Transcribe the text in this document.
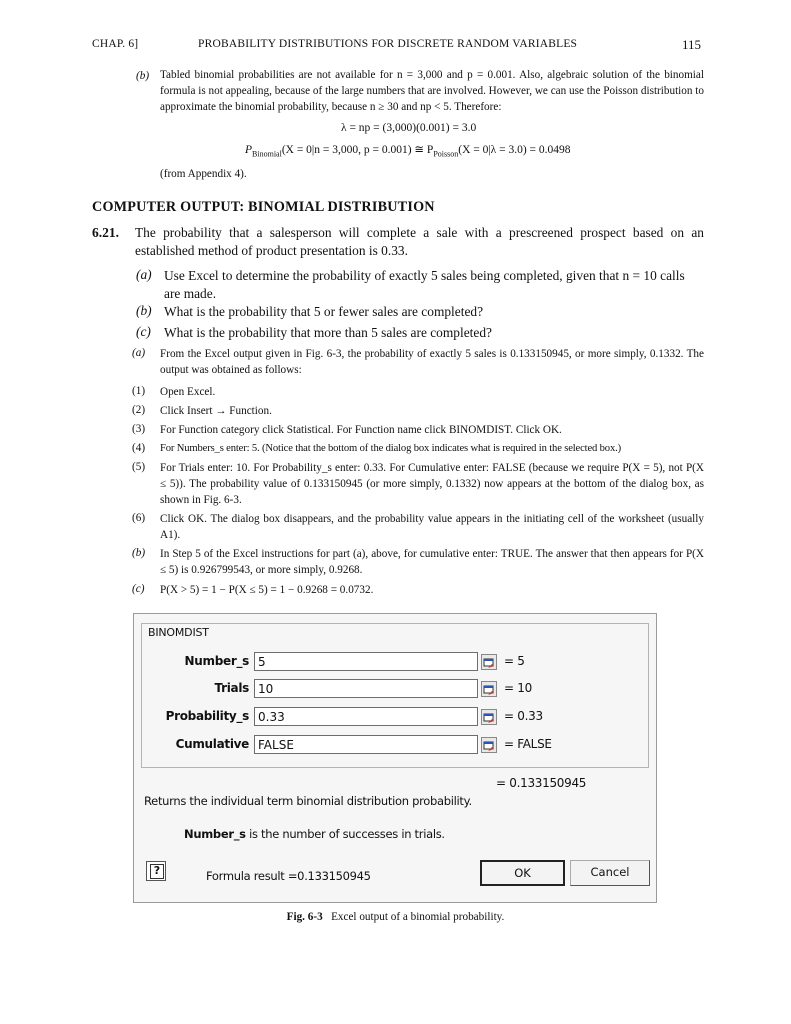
CHAP. 6]	PROBABILITY DISTRIBUTIONS FOR DISCRETE RANDOM VARIABLES	115
(b) Tabled binomial probabilities are not available for n = 3,000 and p = 0.001. Also, algebraic solution of the binomial formula is not appealing, because of the large numbers that are involved. However, we can use the Poisson distribution to approximate the binomial probability, because n ≥ 30 and np < 5. Therefore:
λ = np = (3,000)(0.001) = 3.0
$P_{Binomial}(X = 0|n = 3,000$, p = 0.001) ≅ $P_{Poisson}(X = 0|\lambda = 3.0) = 0.0498$
(from Appendix 4).
COMPUTER OUTPUT: BINOMIAL DISTRIBUTION
6.21. The probability that a salesperson will complete a sale with a prescreened prospect based on an established method of product presentation is 0.33.
(a) Use Excel to determine the probability of exactly 5 sales being completed, given that n = 10 calls are made.
(b) What is the probability that 5 or fewer sales are completed?
(c) What is the probability that more than 5 sales are completed?
(a) From the Excel output given in Fig. 6-3, the probability of exactly 5 sales is 0.133150945, or more simply, 0.1332. The output was obtained as follows:
(1) Open Excel.
(2) Click Insert → Function.
(3) For Function category click Statistical. For Function name click BINOMDIST. Click OK.
(4) For Numbers_s enter: 5. (Notice that the bottom of the dialog box indicates what is required in the selected box.)
(5) For Trials enter: 10. For Probability_s enter: 0.33. For Cumulative enter: FALSE (because we require P(X = 5), not P(X ≤ 5)). The probability value of 0.133150945 (or more simply, 0.1332) now appears at the bottom of the dialog box, as shown in Fig. 6-3.
(6) Click OK. The dialog box disappears, and the probability value appears in the initiating cell of the worksheet (usually A1).
(b) In Step 5 of the Excel instructions for part (a), above, for cumulative enter: TRUE. The answer that then appears for P(X ≤ 5) is 0.926799543, or more simply, 0.9268.
(c) P(X > 5) = 1 − P(X ≤ 5) = 1 − 0.9268 = 0.0732.
BINOMDIST
Number_s 5	= 5
Trials 10	= 10
Probability_s 0.33	= 0.33
Cumulative FALSE	= FALSE
= 0.133150945
Returns the individual term binomial distribution probability.
Number_s is the number of successes in trials.
?	Formula result =0.133150945	OK	Cancel
Fig. 6-3 Excel output of a binomial probability.
